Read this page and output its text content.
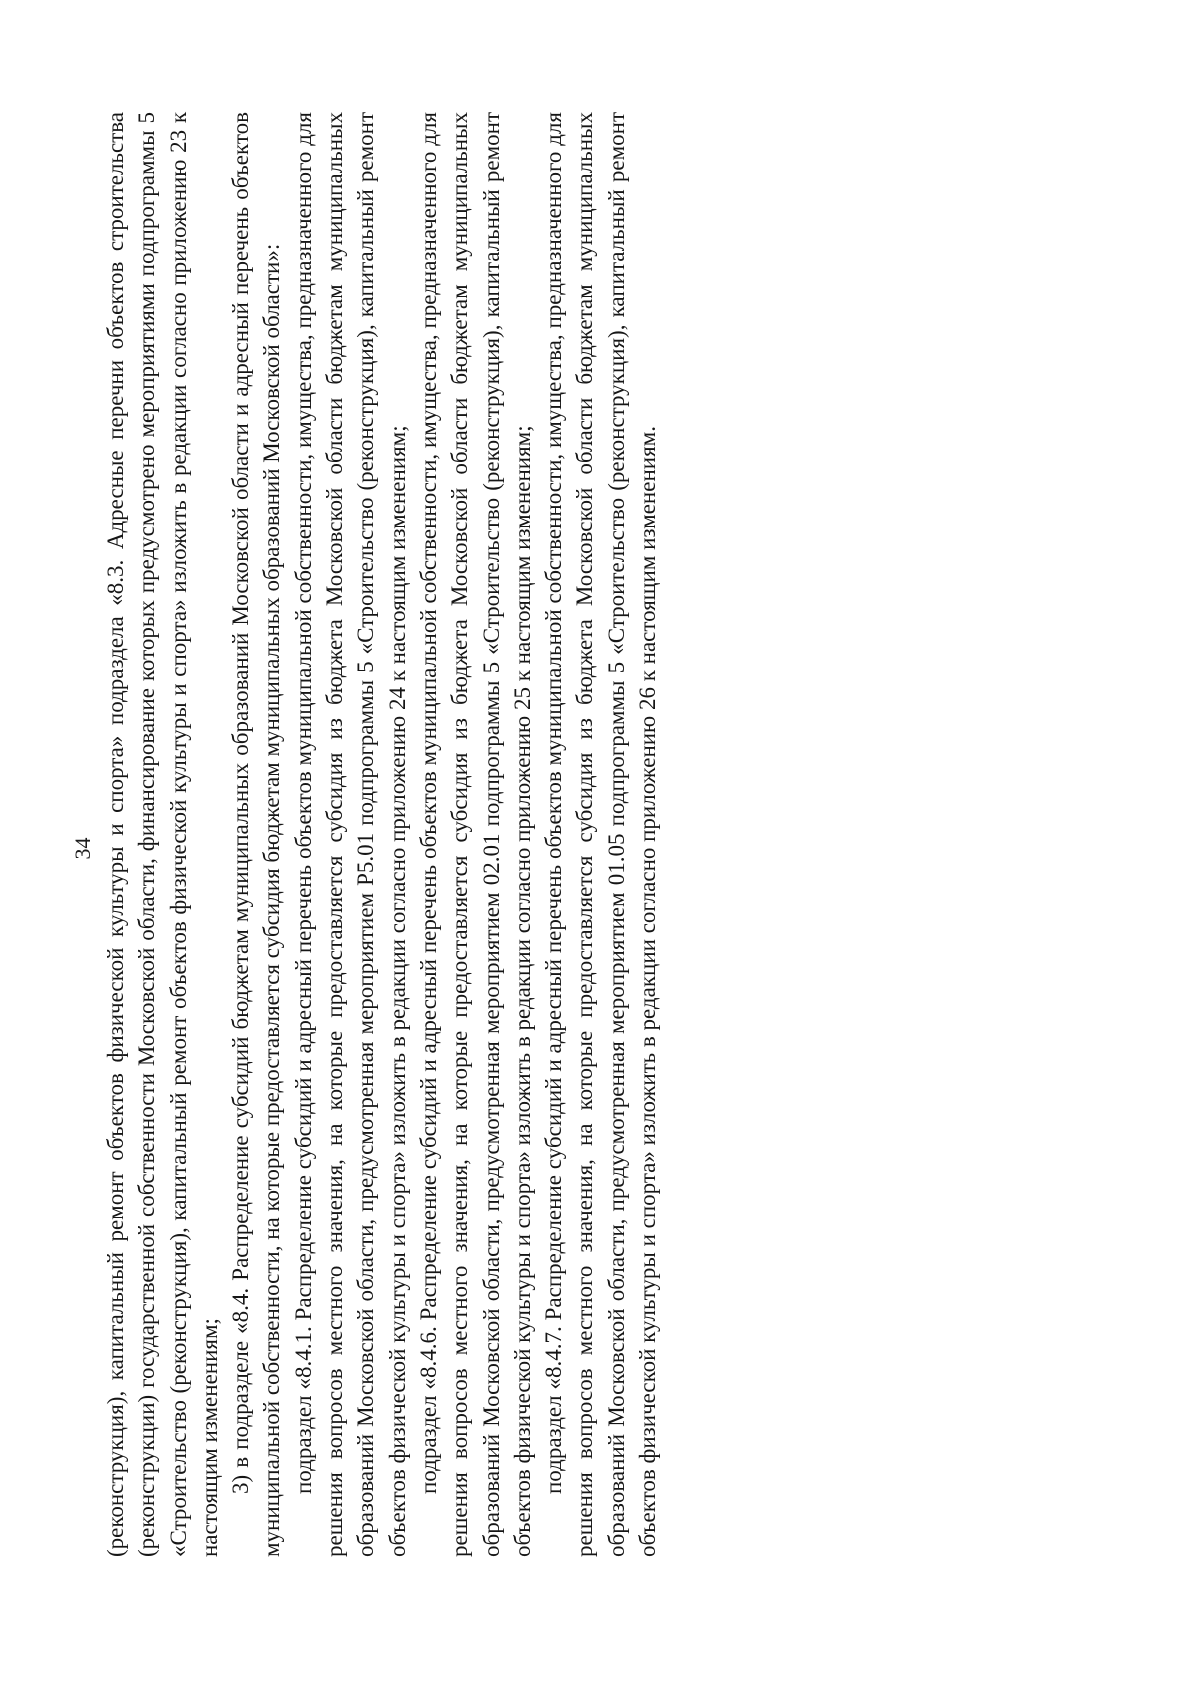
34 (реконструкция), капитальный ремонт объектов физической культуры и спорта» подраздела «8.3. Адресные перечни объектов строительства (реконструкции) государственной собственности Московской области, финансирование которых предусмотрено мероприятиями подпрограммы 5 «Строительство (реконструкция), капитальный ремонт объектов физической культуры и спорта» изложить в редакции согласно приложению 23 к настоящим изменениям; 3) в подразделе «8.4. Распределение субсидий бюджетам муниципальных образований Московской области и адресный перечень объектов муниципальной собственности, на которые предоставляется субсидия бюджетам муниципальных образований Московской области»: подраздел «8.4.1. Распределение субсидий и адресный перечень объектов муниципальной собственности, имущества, предназначенного для решения вопросов местного значения, на которые предоставляется субсидия из бюджета Московской области бюджетам муниципальных образований Московской области, предусмотренная мероприятием Р5.01 подпрограммы 5 «Строительство (реконструкция), капитальный ремонт объектов физической культуры и спорта» изложить в редакции согласно приложению 24 к настоящим изменениям; подраздел «8.4.6. Распределение субсидий и адресный перечень объектов муниципальной собственности, имущества, предназначенного для решения вопросов местного значения, на которые предоставляется субсидия из бюджета Московской области бюджетам муниципальных образований Московской области, предусмотренная мероприятием 02.01 подпрограммы 5 «Строительство (реконструкция), капитальный ремонт объектов физической культуры и спорта» изложить в редакции согласно приложению 25 к настоящим изменениям; подраздел «8.4.7. Распределение субсидий и адресный перечень объектов муниципальной собственности, имущества, предназначенного для решения вопросов местного значения, на которые предоставляется субсидия из бюджета Московской области бюджетам муниципальных образований Московской области, предусмотренная мероприятием 01.05 подпрограммы 5 «Строительство (реконструкция), капитальный ремонт объектов физической культуры и спорта» изложить в редакции согласно приложению 26 к настоящим изменениям.
